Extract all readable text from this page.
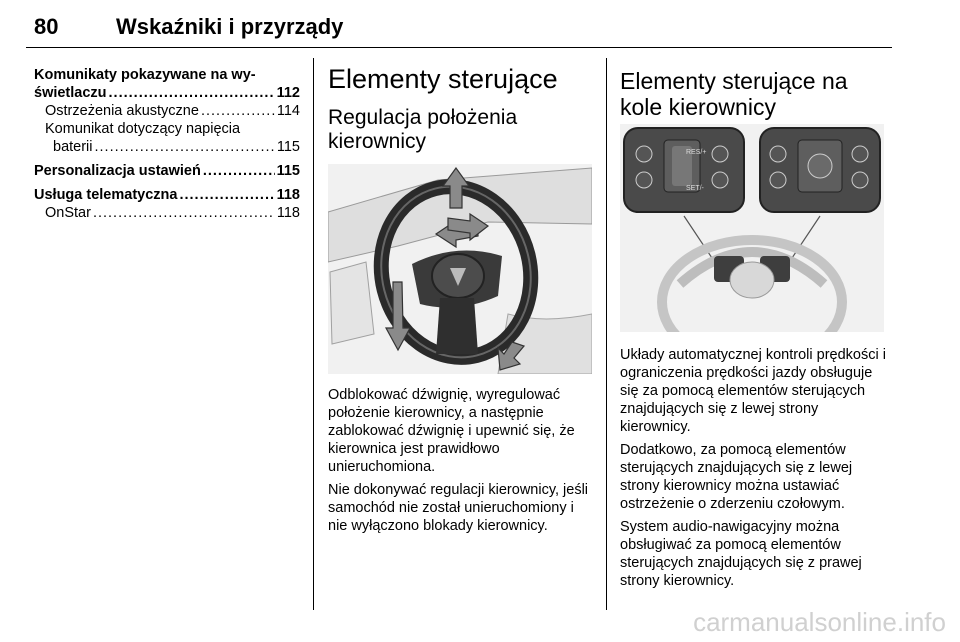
80	Wskaźniki i przyrządy
Komunikaty pokazywane na wy-
świetlaczu .....	112
Ostrzeżenia akustyczne .....	114
Komunikat dotyczący napięcia
baterii .....	115
Personalizacja ustawień .....	115
Usługa telematyczna .....	118
OnStar .....	118
Elementy sterujące
Regulacja położenia kierownicy

Odblokować dźwignię, wyregulować położenie kierownicy, a następnie zablokować dźwignię i upewnić się, że kierownica jest prawidłowo unieruchomiona.

Nie dokonywać regulacji kierownicy, jeśli samochód nie został unieruchomiony i nie wyłączono blokady kierownicy.

Elementy sterujące na kole kierownicy
RES/+
SET/-

Układy automatycznej kontroli prędkości i ograniczenia prędkości jazdy obsługuje się za pomocą elementów sterujących znajdujących się z lewej strony kierownicy.

Dodatkowo, za pomocą elementów sterujących znajdujących się z lewej strony kierownicy można ustawiać ostrzeżenie o zderzeniu czołowym.

System audio-nawigacyjny można obsługiwać za pomocą elementów sterujących znajdujących się z prawej strony kierownicy.

carmanualsonline.info
